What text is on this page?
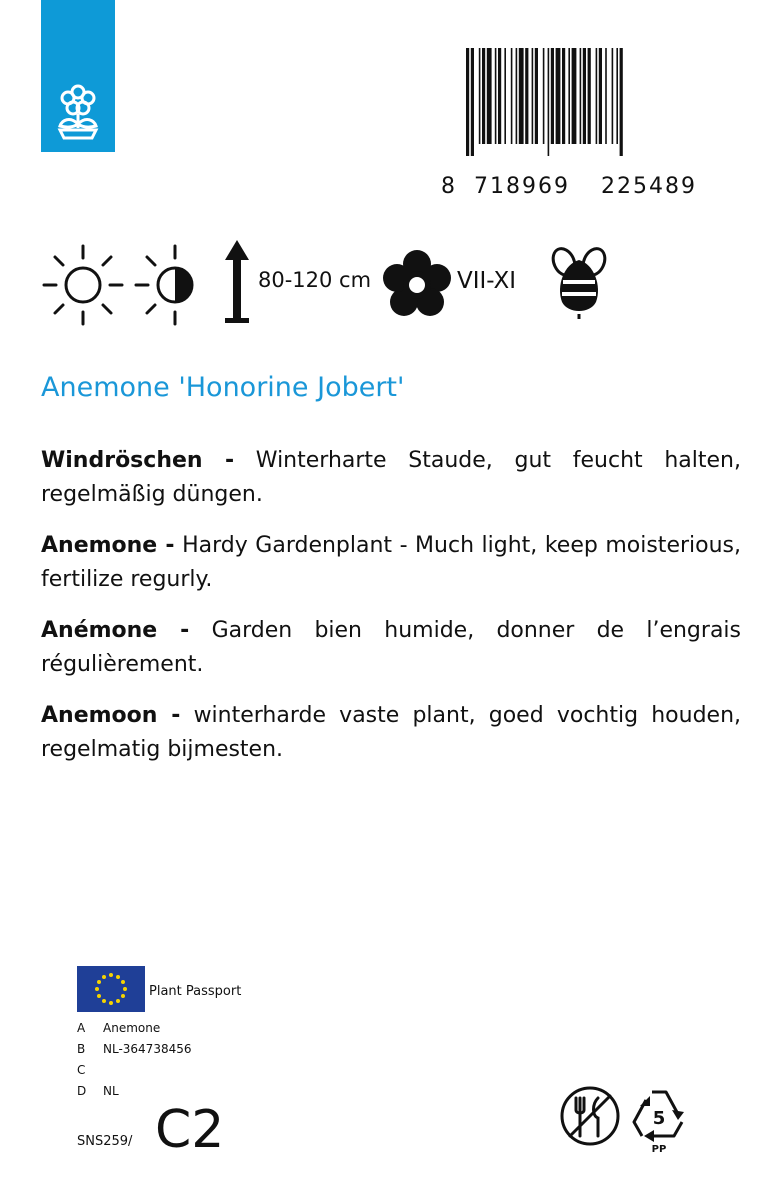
8 718969 225489
80-120 cm	VII-XI
Anemone 'Honorine Jobert'

Windröschen - Winterharte Staude, gut feucht halten, regelmäßig düngen.

Anemone - Hardy Gardenplant - Much light, keep moisterious, fertilize regurly.

Anémone - Garden bien humide, donner de l’engrais régulièrement.

Anemoon - winterharde vaste plant, goed vochtig houden, regelmatig bijmesten.

Plant Passport
A Anemone
B NL-364738456
C
D NL
SNS259/ C2	5
PP
